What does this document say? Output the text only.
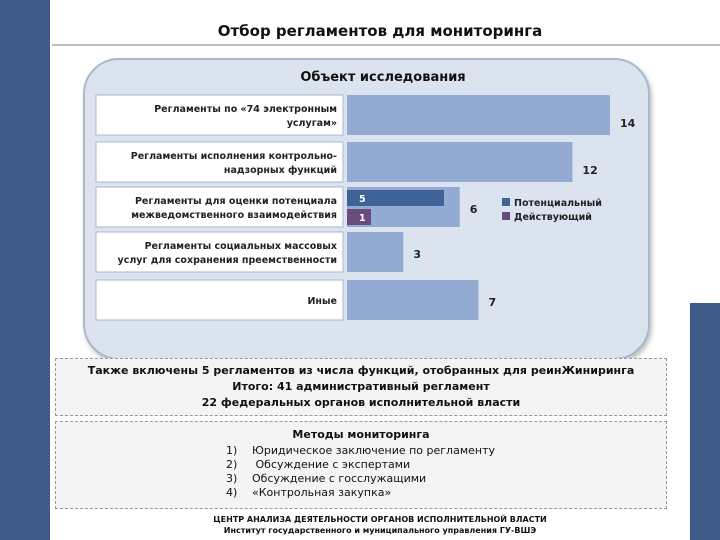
Отбор регламентов для мониторинга
Объект исследования
Регламенты по «74 электронным услугам»	14
Регламенты исполнения контрольно-надзорных функций	12
Регламенты для оценки потенциала межведомственного взаимодействия	6
Регламенты социальных массовых услуг для сохранения преемственности	3
Иные	7
5
1
Потенциальный
Действующий
Также включены 5 регламентов из числа функций, отобранных для реинЖиниринга
Итого: 41 административный регламент
22 федеральных органов исполнительной власти
Методы мониторинга
1) Юридическое заключение по регламенту
2) Обсуждение с экспертами
3) Обсуждение с госслужащими
4) «Контрольная закупка»
ЦЕНТР АНАЛИЗА ДЕЯТЕЛЬНОСТИ ОРГАНОВ ИСПОЛНИТЕЛЬНОЙ ВЛАСТИ
Институт государственного и муниципального управления ГУ-ВШЭ
